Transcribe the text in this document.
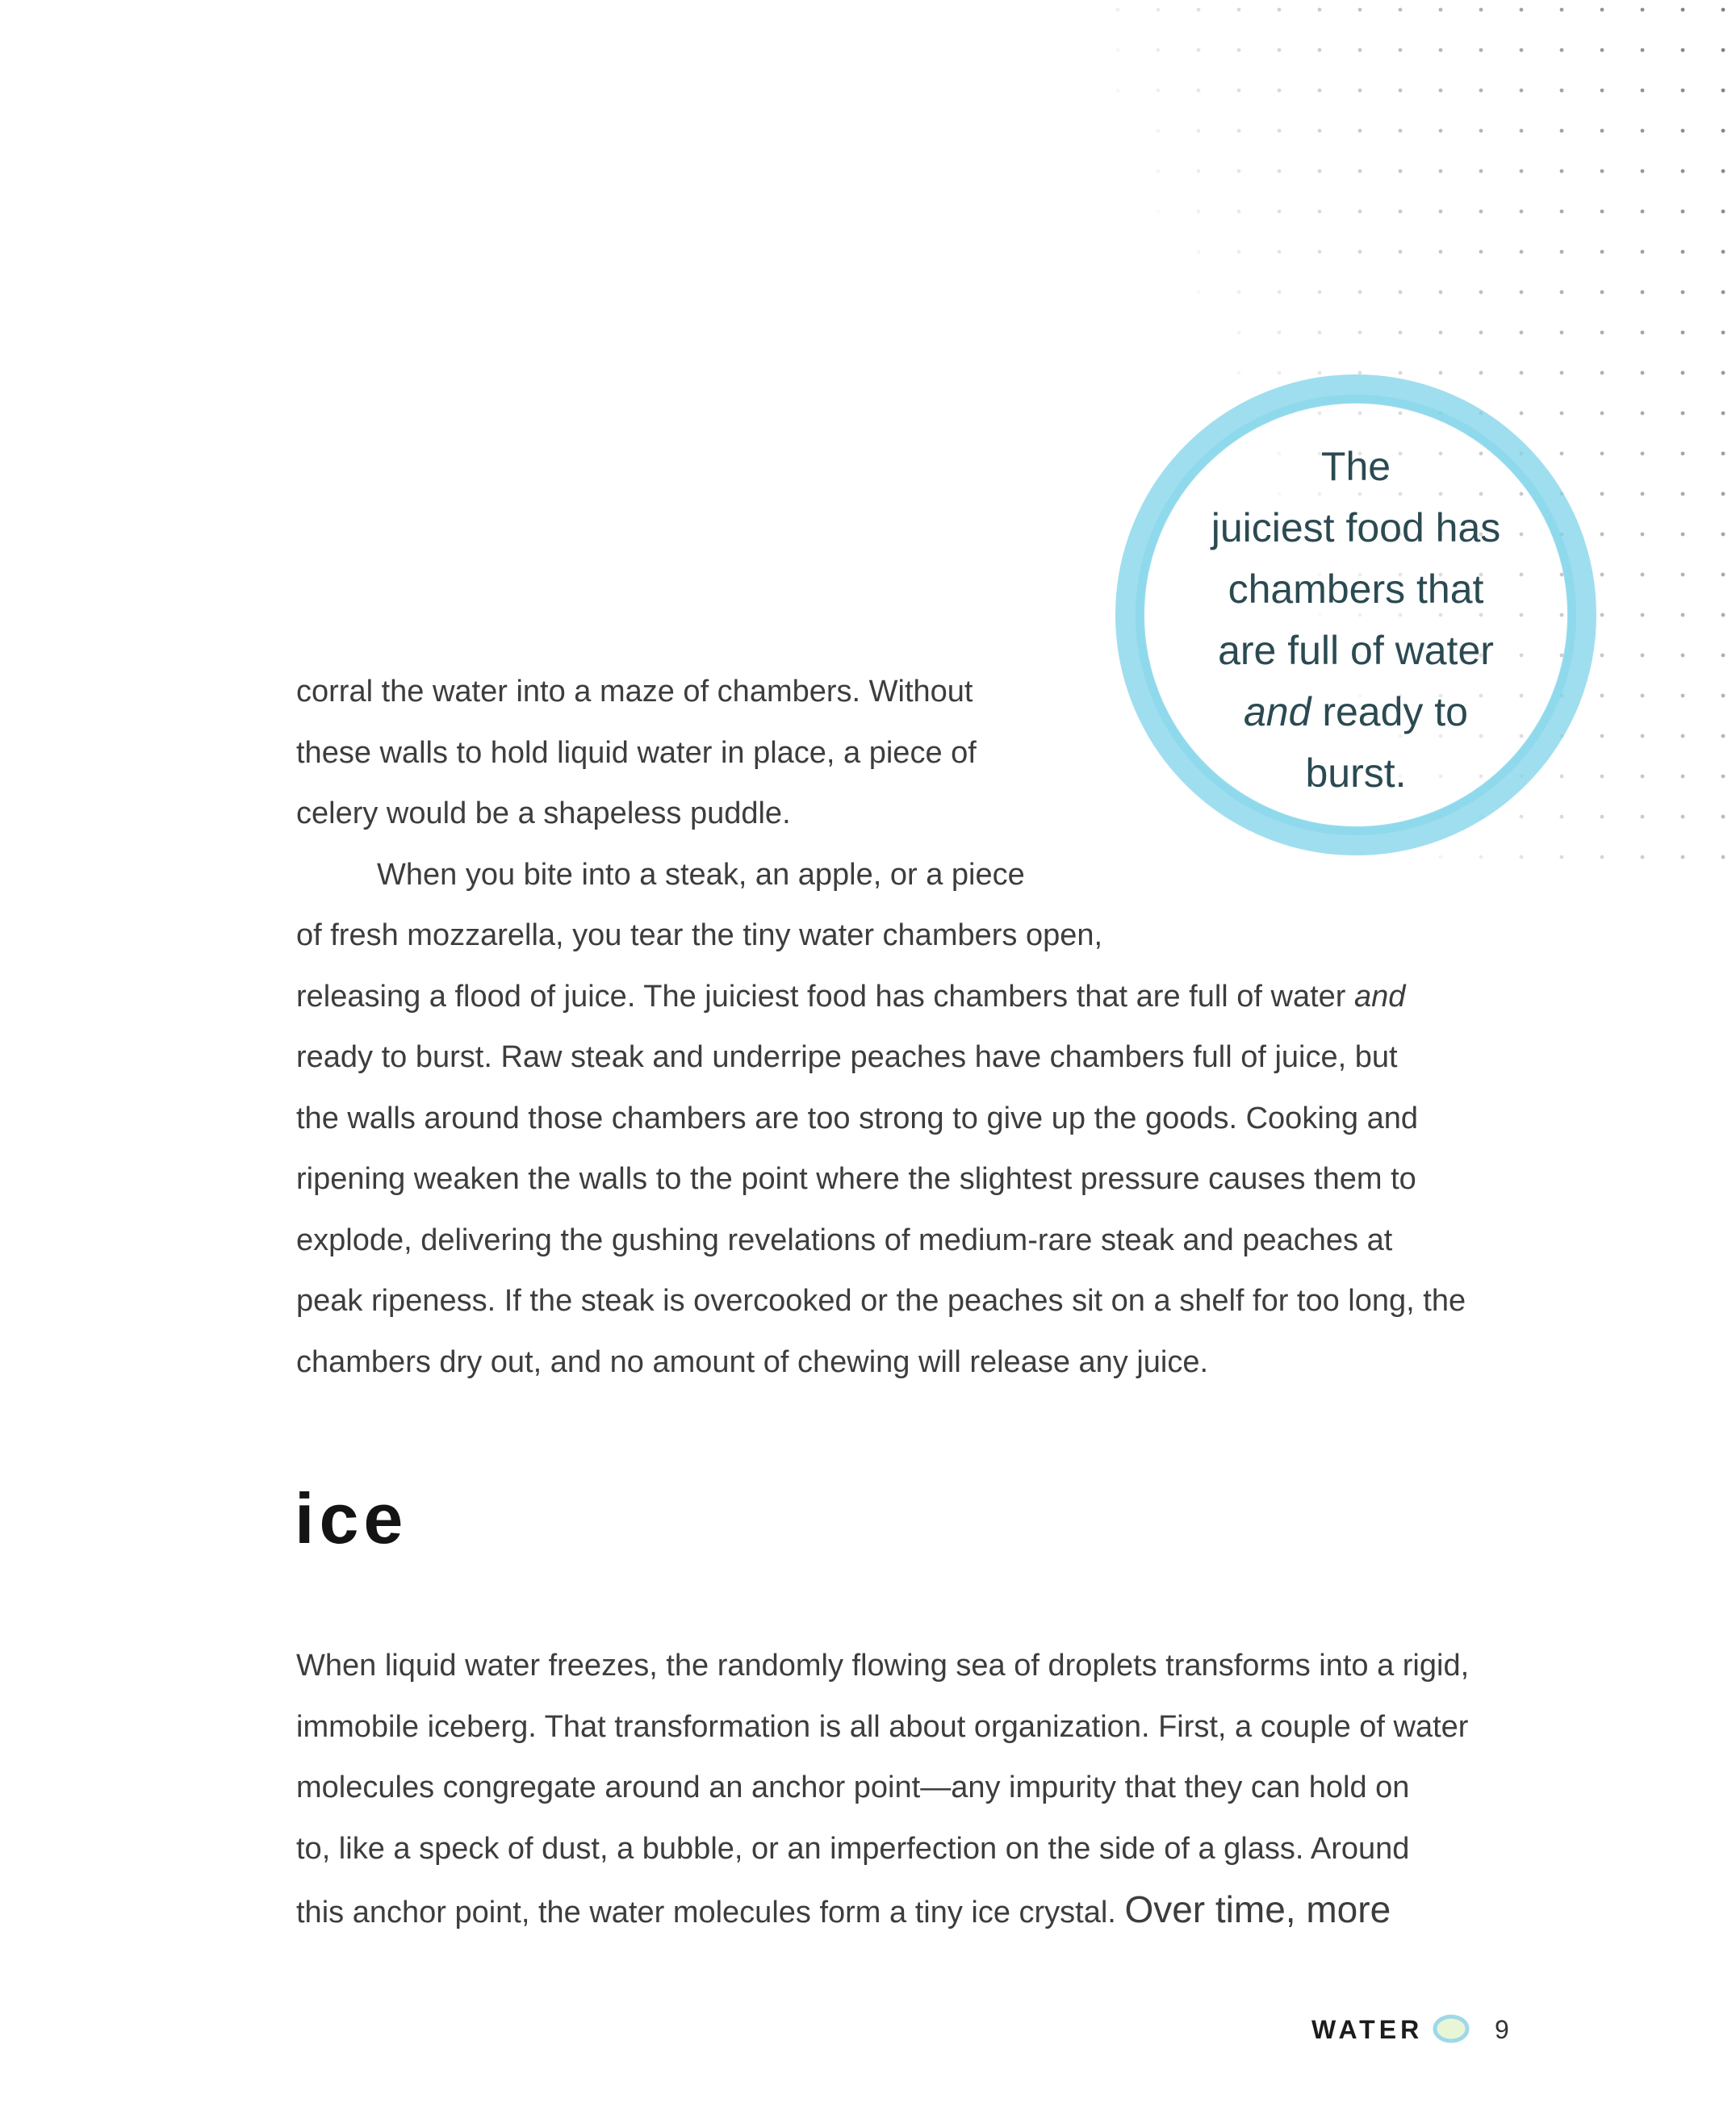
The
juiciest food has
chambers that
are full of water
and ready to
burst.
corral the water into a maze of chambers. Without
these walls to hold liquid water in place, a piece of
celery would be a shapeless puddle.
When you bite into a steak, an apple, or a piece
of fresh mozzarella, you tear the tiny water chambers open,
releasing a flood of juice. The juiciest food has chambers that are full of water and
ready to burst. Raw steak and underripe peaches have chambers full of juice, but
the walls around those chambers are too strong to give up the goods. Cooking and
ripening weaken the walls to the point where the slightest pressure causes them to
explode, delivering the gushing revelations of medium-rare steak and peaches at
peak ripeness. If the steak is overcooked or the peaches sit on a shelf for too long, the
chambers dry out, and no amount of chewing will release any juice.
ice
When liquid water freezes, the randomly flowing sea of droplets transforms into a rigid,
immobile iceberg. That transformation is all about organization. First, a couple of water
molecules congregate around an anchor point—any impurity that they can hold on
to, like a speck of dust, a bubble, or an imperfection on the side of a glass. Around
this anchor point, the water molecules form a tiny ice crystal. Over time, more
WATER	9
